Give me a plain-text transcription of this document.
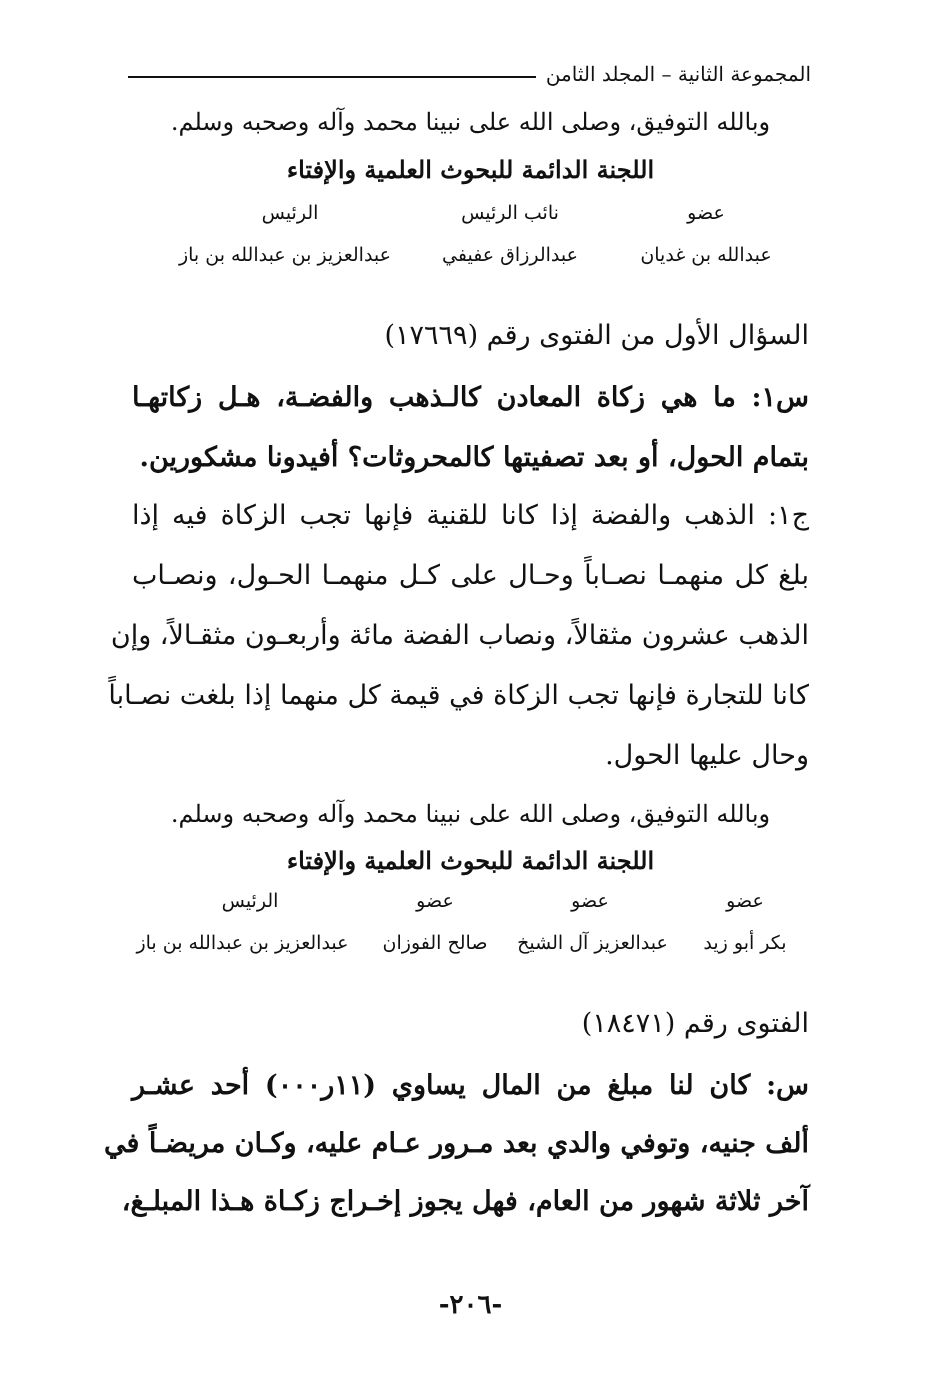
المجموعة الثانية – المجلد الثامن
وبالله التوفيق، وصلى الله على نبينا محمد وآله وصحبه وسلم.
اللجنة الدائمة للبحوث العلمية والإفتاء
عضو
نائب الرئيس
الرئيس
عبدالله بن غديان
عبدالرزاق عفيفي
عبدالعزيز بن عبدالله بن باز
السؤال الأول من الفتوى رقم (١٧٦٦٩)
س١: ما هي زكاة المعادن كالـذهب والفضـة، هـل زكاتهـا
بتمام الحول، أو بعد تصفيتها كالمحروثات؟ أفيدونا مشكورين.
ج١: الذهب والفضة إذا كانا للقنية فإنها تجب الزكاة فيه إذا
بلغ كل منهمـا نصـاباً وحـال على كـل منهمـا الحـول، ونصـاب
الذهب عشرون مثقالاً، ونصاب الفضة مائة وأربعـون مثقـالاً، وإن
كانا للتجارة فإنها تجب الزكاة في قيمة كل منهما إذا بلغت نصـاباً
وحال عليها الحول.
وبالله التوفيق، وصلى الله على نبينا محمد وآله وصحبه وسلم.
اللجنة الدائمة للبحوث العلمية والإفتاء
عضو
عضو
عضو
الرئيس
بكر أبو زيد
عبدالعزيز آل الشيخ
صالح الفوزان
عبدالعزيز بن عبدالله بن باز
الفتوى رقم (١٨٤٧١)
س: كان لنا مبلغ من المال يساوي (١١ر٠٠٠) أحد عشـر
ألف جنيه، وتوفي والدي بعد مـرور عـام عليه، وكـان مريضـاً في
آخر ثلاثة شهور من العام، فهل يجوز إخـراج زكـاة هـذا المبلـغ،
-٢٠٦-
